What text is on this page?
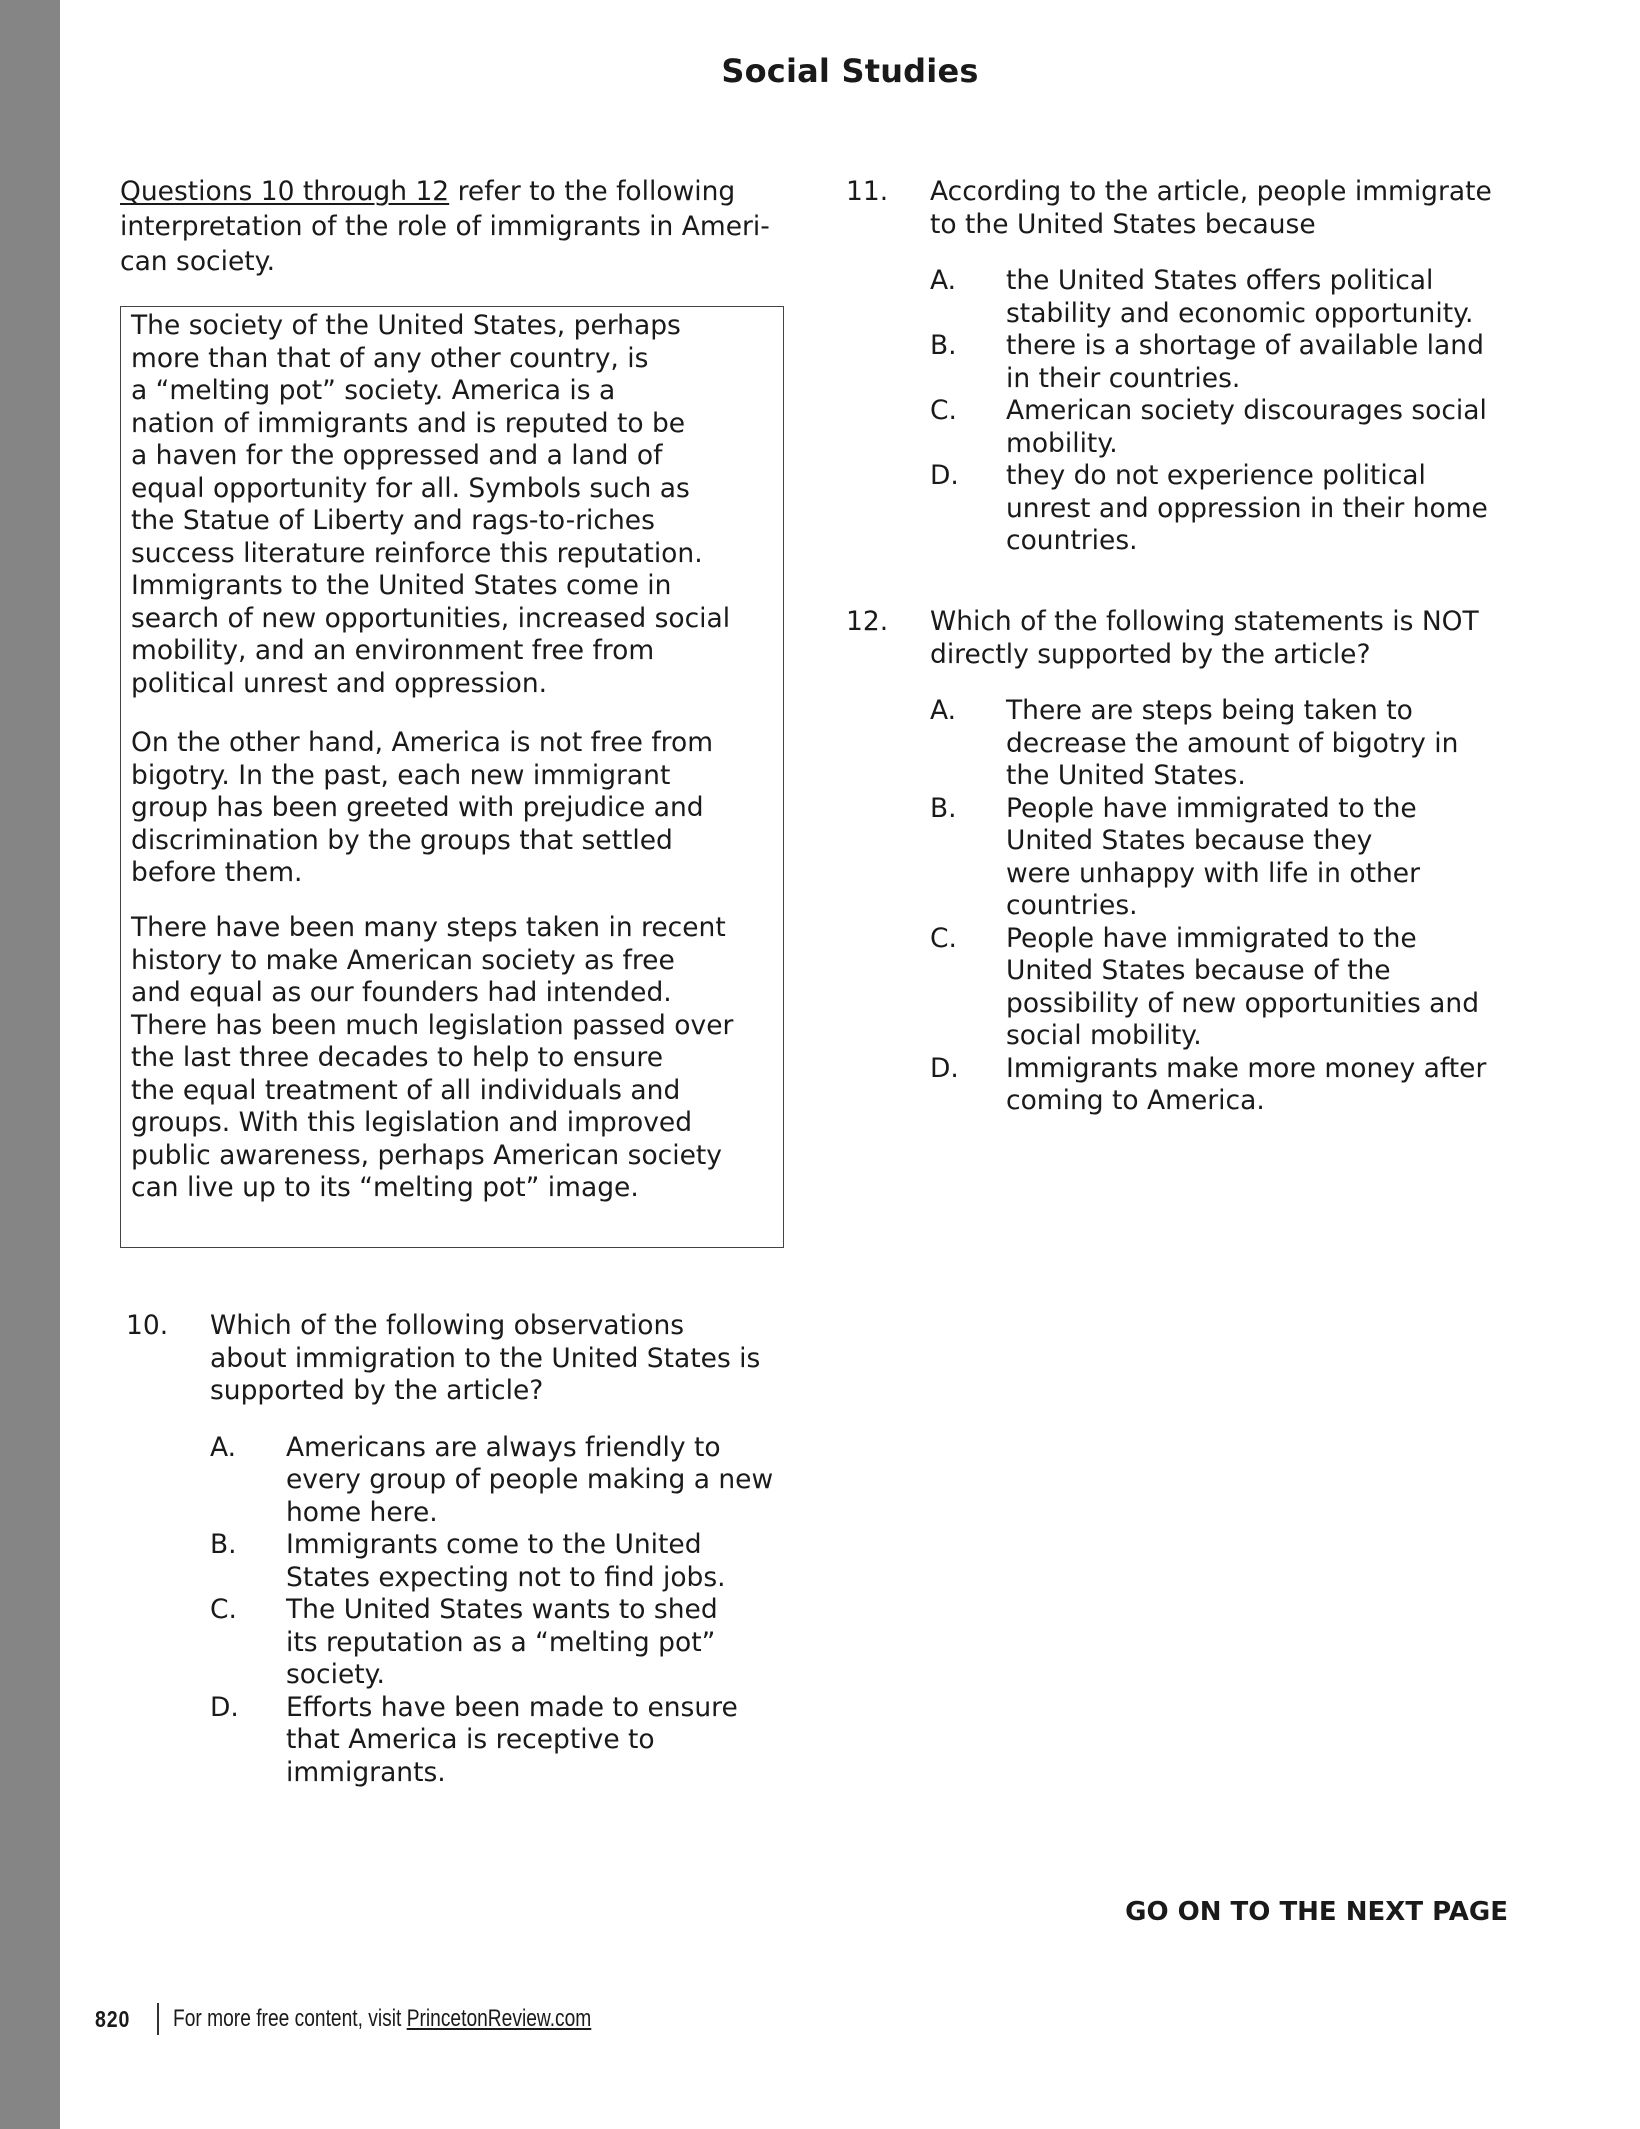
Social Studies
Questions 10 through 12 refer to the following
interpretation of the role of immigrants in Ameri-
can society.
The society of the United States, perhaps
more than that of any other country, is
a “melting pot” society. America is a
nation of immigrants and is reputed to be
a haven for the oppressed and a land of
equal opportunity for all. Symbols such as
the Statue of Liberty and rags-to-riches
success literature reinforce this reputation.
Immigrants to the United States come in
search of new opportunities, increased social
mobility, and an environment free from
political unrest and oppression.
On the other hand, America is not free from
bigotry. In the past, each new immigrant
group has been greeted with prejudice and
discrimination by the groups that settled
before them.
There have been many steps taken in recent
history to make American society as free
and equal as our founders had intended.
There has been much legislation passed over
the last three decades to help to ensure
the equal treatment of all individuals and
groups. With this legislation and improved
public awareness, perhaps American society
can live up to its “melting pot” image.
10. Which of the following observations
about immigration to the United States is
supported by the article?
A. Americans are always friendly to
every group of people making a new
home here.
B. Immigrants come to the United
States expecting not to find jobs.
C. The United States wants to shed
its reputation as a “melting pot”
society.
D. Efforts have been made to ensure
that America is receptive to
immigrants.
11. According to the article, people immigrate
to the United States because
A. the United States offers political
stability and economic opportunity.
B. there is a shortage of available land
in their countries.
C. American society discourages social
mobility.
D. they do not experience political
unrest and oppression in their home
countries.
12. Which of the following statements is NOT
directly supported by the article?
A. There are steps being taken to
decrease the amount of bigotry in
the United States.
B. People have immigrated to the
United States because they
were unhappy with life in other
countries.
C. People have immigrated to the
United States because of the
possibility of new opportunities and
social mobility.
D. Immigrants make more money after
coming to America.
GO ON TO THE NEXT PAGE
820 For more free content, visit PrincetonReview.com
